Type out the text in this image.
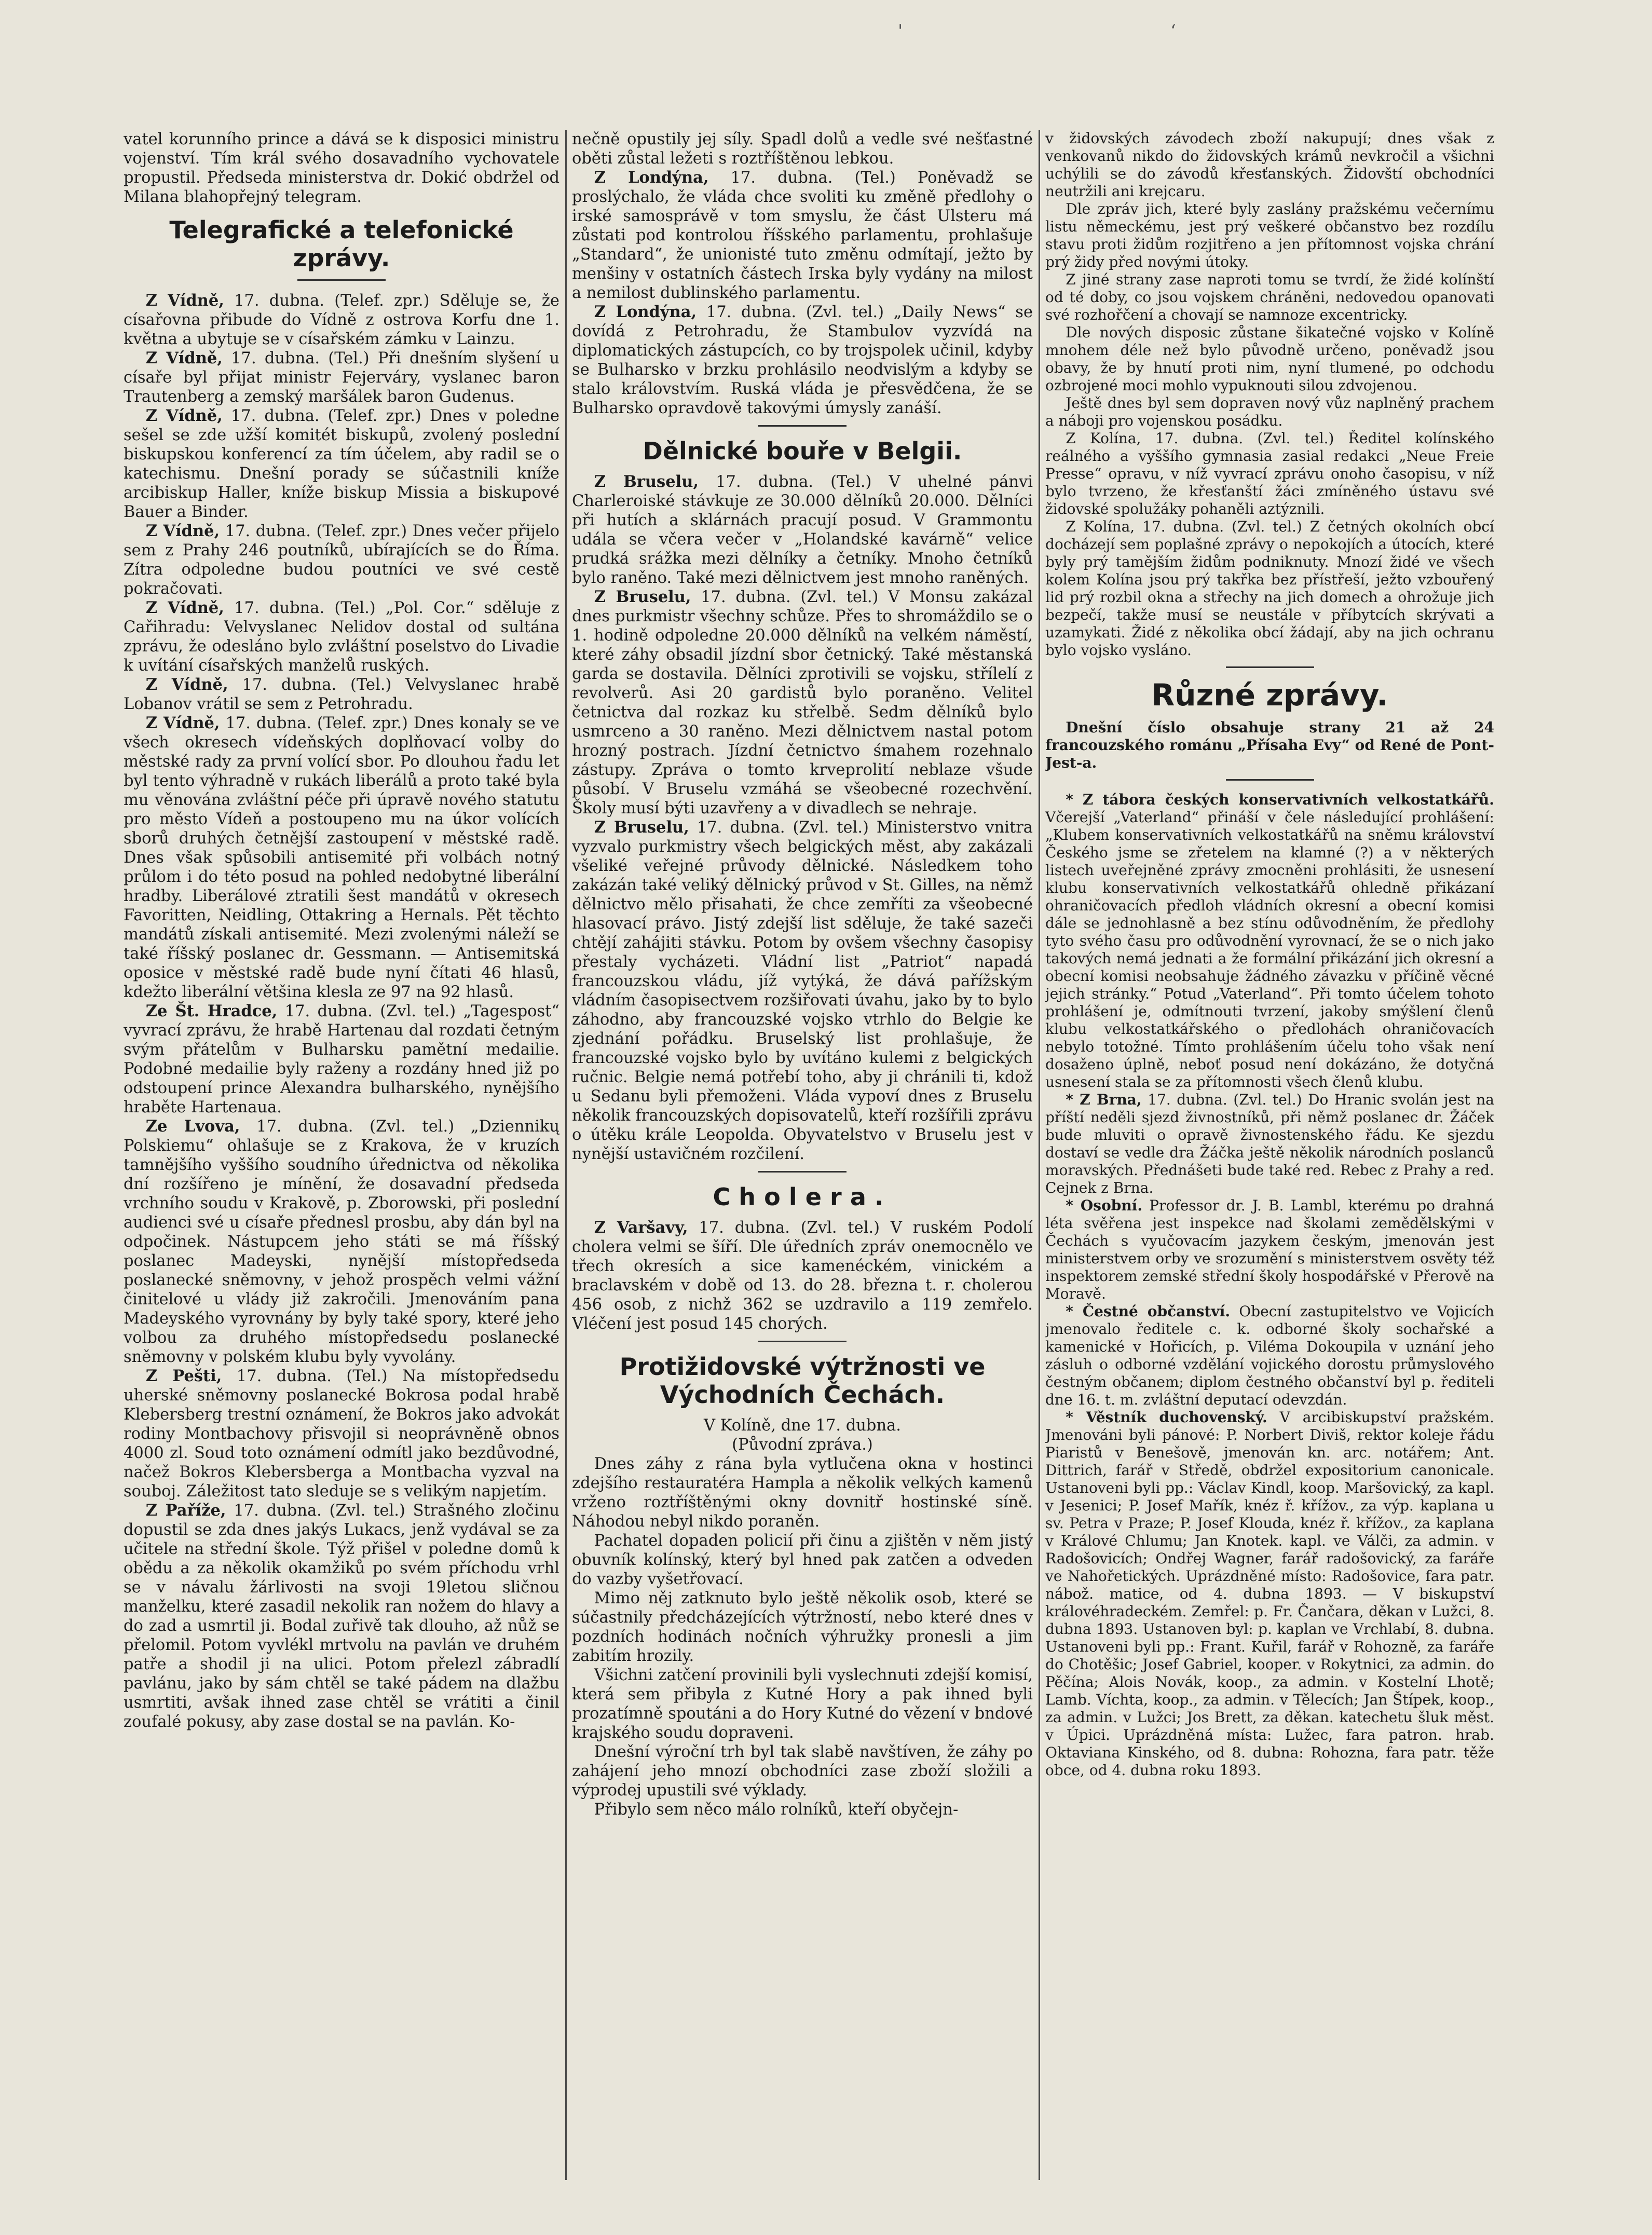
'	ʻ

vatel korunního prince a dává se k disposici ministru vojenství. Tím král svého dosavadního vychovatele propustil. Předseda ministerstva dr. Dokić obdržel od Milana blahopřejný telegram.

Telegrafické a telefonické zprávy.

Z Vídně, 17. dubna. (Telef. zpr.) Sděluje se, že císařovna přibude do Vídně z ostrova Korfu dne 1. května a ubytuje se v císařském zámku v Lainzu.

Z Vídně, 17. dubna. (Tel.) Při dnešním slyšení u císaře byl přijat ministr Fejerváry, vyslanec baron Trautenberg a zemský maršálek baron Gudenus.

Z Vídně, 17. dubna. (Telef. zpr.) Dnes v poledne sešel se zde užší komitét biskupů, zvolený poslední biskupskou konferencí za tím účelem, aby radil se o katechismu. Dnešní porady se súčastnili kníže arcibiskup Haller, kníže biskup Missia a biskupové Bauer a Binder.

Z Vídně, 17. dubna. (Telef. zpr.) Dnes večer přijelo sem z Prahy 246 poutníků, ubírajících se do Říma. Zítra odpoledne budou poutníci ve své cestě pokračovati.

Z Vídně, 17. dubna. (Tel.) „Pol. Cor.“ sděluje z Cařihradu: Velvyslanec Nelidov dostal od sultána zprávu, že odesláno bylo zvláštní poselstvo do Livadie k uvítání císařských manželů ruských.

Z Vídně, 17. dubna. (Tel.) Velvyslanec hrabě Lobanov vrátil se sem z Petrohradu.

Z Vídně, 17. dubna. (Telef. zpr.) Dnes konaly se ve všech okresech vídeňských doplňovací volby do městské rady za první volící sbor. Po dlouhou řadu let byl tento výhradně v rukách liberálů a proto také byla mu věnována zvláštní péče při úpravě nového statutu pro město Vídeň a postoupeno mu na úkor volících sborů druhých četnější zastoupení v městské radě. Dnes však spůsobili antisemité při volbách notný průlom i do této posud na pohled nedobytné liberální hradby. Liberálové ztratili šest mandátů v okresech Favoritten, Neidling, Ottakring a Hernals. Pět těchto mandátů získali antisemité. Mezi zvolenými náleží se také říšský poslanec dr. Gessmann. — Antisemitská oposice v městské radě bude nyní čítati 46 hlasů, kdežto liberální většina klesla ze 97 na 92 hlasů.

Ze Št. Hradce, 17. dubna. (Zvl. tel.) „Tagespost“ vyvrací zprávu, že hrabě Hartenau dal rozdati četným svým přátelům v Bulharsku pamětní medailie. Podobné medailie byly raženy a rozdány hned již po odstoupení prince Alexandra bulharského, nynějšího hraběte Hartenaua.

Ze Lvova, 17. dubna. (Zvl. tel.) „Dziennikų Polskiemu“ ohlašuje se z Krakova, že v kruzích tamnějšího vyššího soudního úřednictva od několika dní rozšířeno je mínění, že dosavadní předseda vrchního soudu v Krakově, p. Zborowski, při poslední audienci své u císaře přednesl prosbu, aby dán byl na odpočinek. Nástupcem jeho státi se má říšský poslanec Madeyski, nynější místopředseda poslanecké sněmovny, v jehož prospěch velmi vážní činitelové u vlády již zakročili. Jmenováním pana Madeyského vyrovnány by byly také spory, které jeho volbou za druhého místopředsedu poslanecké sněmovny v polském klubu byly vyvolány.

Z Pešti, 17. dubna. (Tel.) Na místopředsedu uherské sněmovny poslanecké Bokrosa podal hrabě Klebersberg trestní oznámení, že Bokros jako advokát rodiny Montbachovy přisvojil si neoprávněně obnos 4000 zl. Soud toto oznámení odmítl jako bezdůvodné, načež Bokros Klebersberga a Montbacha vyzval na souboj. Záležitost tato sleduje se s velikým napjetím.

Z Paříže, 17. dubna. (Zvl. tel.) Strašného zločinu dopustil se zda dnes jakýs Lukacs, jenž vydával se za učitele na střední škole. Týž přišel v poledne domů k obědu a za několik okamžiků po svém příchodu vrhl se v návalu žárlivosti na svoji 19letou sličnou manželku, které zasadil nekolik ran nožem do hlavy a do zad a usmrtil ji. Bodal zuřivě tak dlouho, až nůž se přelomil. Potom vyvlékl mrtvolu na pavlán ve druhém patře a shodil ji na ulici. Potom přelezl zábradlí pavlánu, jako by sám chtěl se také pádem na dlažbu usmrtiti, avšak ihned zase chtěl se vrátiti a činil zoufalé pokusy, aby zase dostal se na pavlán. Ko-

nečně opustily jej síly. Spadl dolů a vedle své nešťastné oběti zůstal ležeti s roztříštěnou lebkou.

Z Londýna, 17. dubna. (Tel.) Poněvadž se proslýchalo, že vláda chce svoliti ku změně předlohy o irské samosprávě v tom smyslu, že část Ulsteru má zůstati pod kontrolou říšského parlamentu, prohlašuje „Standard“, že unionisté tuto změnu odmítají, ježto by menšiny v ostatních částech Irska byly vydány na milost a nemilost dublinského parlamentu.

Z Londýna, 17. dubna. (Zvl. tel.) „Daily News“ se dovídá z Petrohradu, že Stambulov vyzvídá na diplomatických zástupcích, co by trojspolek učinil, kdyby se Bulharsko v brzku prohlásilo neodvislým a kdyby se stalo královstvím. Ruská vláda je přesvědčena, že se Bulharsko opravdově takovými úmysly zanáší.

Dělnické bouře v Belgii.

Z Bruselu, 17. dubna. (Tel.) V uhelné pánvi Charleroiské stávkuje ze 30.000 dělníků 20.000. Dělníci při hutích a sklárnách pracují posud. V Grammontu udála se včera večer v „Holandské kavárně“ velice prudká srážka mezi dělníky a četníky. Mnoho četníků bylo raněno. Také mezi dělnictvem jest mnoho raněných.

Z Bruselu, 17. dubna. (Zvl. tel.) V Monsu zakázal dnes purkmistr všechny schůze. Přes to shromáždilo se o 1. hodině odpoledne 20.000 dělníků na velkém náměstí, které záhy obsadil jízdní sbor četnický. Také městanská garda se dostavila. Dělníci zprotivili se vojsku, střílelí z revolverů. Asi 20 gardistů bylo poraněno. Velitel četnictva dal rozkaz ku střelbě. Sedm dělníků bylo usmrceno a 30 raněno. Mezi dělnictvem nastal potom hrozný postrach. Jízdní četnictvo śmahem rozehnalo zástupy. Zpráva o tomto krveprolití neblaze všude působí. V Bruselu vzmáhá se všeobecné rozechvění. Školy musí býti uzavřeny a v divadlech se nehraje.

Z Bruselu, 17. dubna. (Zvl. tel.) Ministerstvo vnitra vyzvalo purkmistry všech belgických měst, aby zakázali všeliké veřejné průvody dělnické. Následkem toho zakázán také veliký dělnický průvod v St. Gilles, na němž dělnictvo mělo přisahati, že chce zemříti za všeobecné hlasovací právo. Jistý zdejší list sděluje, že také sazeči chtějí zahájiti stávku. Potom by ovšem všechny časopisy přestaly vycházeti. Vládní list „Patriot“ napadá francouzskou vládu, jíž vytýká, že dává pařížským vládním časopisectvem rozšiřovati úvahu, jako by to bylo záhodno, aby francouzské vojsko vtrhlo do Belgie ke zjednání pořádku. Bruselský list prohlašuje, že francouzské vojsko bylo by uvítáno kulemi z belgických ručnic. Belgie nemá potřebí toho, aby ji chránili ti, kdož u Sedanu byli přemoženi. Vláda vypoví dnes z Bruselu několik francouzských dopisovatelů, kteří rozšířili zprávu o útěku krále Leopolda. Obyvatelstvo v Bruselu jest v nynější ustavičném rozčilení.

Cholera.

Z Varšavy, 17. dubna. (Zvl. tel.) V ruském Podolí cholera velmi se šíří. Dle úředních zpráv onemocnělo ve třech okresích a sice kamenéckém, vinickém a braclavském v době od 13. do 28. března t. r. cholerou 456 osob, z nichž 362 se uzdravilo a 119 zemřelo. Vléčení jest posud 145 chorých.

Protižidovské výtržnosti ve Východních Čechách.

V Kolíně, dne 17. dubna.

(Původní zpráva.)

Dnes záhy z rána byla vytlučena okna v hostinci zdejšího restauratéra Hampla a několik velkých kamenů vrženo roztříštěnými okny dovnitř hostinské síně. Náhodou nebyl nikdo poraněn.

Pachatel dopaden policií při činu a zjištěn v něm jistý obuvník kolínský, který byl hned pak zatčen a odveden do vazby vyšetřovací.

Mimo něj zatknuto bylo ještě několik osob, které se súčastnily předcházejících výtržností, nebo které dnes v pozdních hodinách nočních výhružky pronesli a jim zabitím hrozily.

Všichni zatčení provinili byli vyslechnuti zdejší komisí, která sem přibyla z Kutné Hory a pak ihned byli prozatímně spoutáni a do Hory Kutné do vězení v bndové krajského soudu dopraveni.

Dnešní výroční trh byl tak slabě navštíven, že záhy po zahájení jeho mnozí obchodníci zase zboží složili a výprodej upustili své výklady.

Přibylo sem něco málo rolníků, kteří obyčejn-

v židovských závodech zboží nakupují; dnes však z venkovanů nikdo do židovských krámů nevkročil a všichni uchýlili se do závodů křesťanských. Židovští obchodníci neutržili ani krejcaru.

Dle zpráv jich, které byly zaslány pražskému večernímu listu německému, jest prý veškeré občanstvo bez rozdílu stavu proti židům rozjitřeno a jen přítomnost vojska chrání prý židy před novými útoky.

Z jiné strany zase naproti tomu se tvrdí, že židé kolínští od té doby, co jsou vojskem chráněni, nedovedou opanovati své rozhořčení a chovají se namnoze excentricky.

Dle nových disposic zůstane šikatečné vojsko v Kolíně mnohem déle než bylo původně určeno, poněvadž jsou obavy, že by hnutí proti nim, nyní tlumené, po odchodu ozbrojené moci mohlo vypuknouti silou zdvojenou.

Ještě dnes byl sem dopraven nový vůz naplněný prachem a náboji pro vojenskou posádku.

Z Kolína, 17. dubna. (Zvl. tel.) Ředitel kolínského reálného a vyššího gymnasia zasial redakci „Neue Freie Presse“ opravu, v níž vyvrací zprávu onoho časopisu, v níž bylo tvrzeno, že křesťanští žáci zmíněného ústavu své židovské spolužáky pohaněli aztýznili.

Z Kolína, 17. dubna. (Zvl. tel.) Z četných okolních obcí docházejí sem poplašné zprávy o nepokojích a útocích, které byly prý tamějším židům podniknuty. Mnozí židé ve všech kolem Kolína jsou prý takřka bez přístřeší, ježto vzbouřený lid prý rozbil okna a střechy na jich domech a ohrožuje jich bezpečí, takže musí se neustále v příbytcích skrývati a uzamykati. Židé z několika obcí žádají, aby na jich ochranu bylo vojsko vysláno.

Různé zprávy.

Dnešní číslo obsahuje strany 21 až 24 francouzského románu „Přísaha Evy“ od René de Pont-Jest-a.

* Z tábora českých konservativních velkostatkářů. Včerejší „Vaterland“ přináší v čele následující prohlášení: „Klubem konservativních velkostatkářů na sněmu království Českého jsme se zřetelem na klamné (?) a v některých listech uveřejněné zprávy zmocněni prohlásiti, že usnesení klubu konservativních velkostatkářů ohledně přikázaní ohraničovacích předloh vládních okresní a obecní komisi dále se jednohlasně a bez stínu odůvodněním, že předlohy tyto svého času pro odůvodnění vyrovnací, že se o nich jako takových nemá jednati a že formální přikázání jich okresní a obecní komisi neobsahuje žádného závazku v příčině věcné jejich stránky.“ Potud „Vaterland“. Při tomto účelem tohoto prohlášení je, odmítnouti tvrzení, jakoby smýšlení členů klubu velkostatkářského o předlohách ohraničovacích nebylo totožné. Tímto prohlášením účelu toho však není dosaženo úplně, neboť posud není dokázáno, že dotyčná usnesení stala se za přítomnosti všech členů klubu.

* Z Brna, 17. dubna. (Zvl. tel.) Do Hranic svolán jest na příští neděli sjezd živnostníků, při němž poslanec dr. Žáček bude mluviti o opravě živnostenského řádu. Ke sjezdu dostaví se vedle dra Žáčka ještě několik národních poslanců moravských. Přednášeti bude také red. Rebec z Prahy a red. Cejnek z Brna.

* Osobní. Professor dr. J. B. Lambl, kterému po drahná léta svěřena jest inspekce nad školami zemědělskými v Čechách s vyučovacím jazykem českým, jmenován jest ministerstvem orby ve srozumění s ministerstvem osvěty též inspektorem zemské střední školy hospodářské v Přerově na Moravě.

* Čestné občanství. Obecní zastupitelstvo ve Vojicích jmenovalo ředitele c. k. odborné školy sochařské a kamenické v Hořicích, p. Viléma Dokoupila v uznání jeho zásluh o odborné vzdělání vojického dorostu průmyslového čestným občanem; diplom čestného občanství byl p. řediteli dne 16. t. m. zvláštní deputací odevzdán.

* Věstník duchovenský. V arcibiskupství pražském. Jmenováni byli pánové: P. Norbert Diviš, rektor koleje řádu Piaristů v Benešově, jmenován kn. arc. notářem; Ant. Dittrich, farář v Středě, obdržel expositorium canonicale. Ustanoveni byli pp.: Václav Kindl, koop. Maršovický, za kapl. v Jesenici; P. Josef Mařík, knéz ř. křížov., za výp. kaplana u sv. Petra v Praze; P. Josef Klouda, knéz ř. křížov., za kaplana v Králové Chlumu; Jan Knotek. kapl. ve Válči, za admin. v Radošovicích; Ondřej Wagner, farář radošovický, za faráře ve Nahořetických. Uprázdněné místo: Radošovice, fara patr. nábož. matice, od 4. dubna 1893. — V biskupství královéhradeckém. Zemřel: p. Fr. Čančara, děkan v Lužci, 8. dubna 1893. Ustanoven byl: p. kaplan ve Vrchlabí, 8. dubna. Ustanoveni byli pp.: Frant. Kuřil, farář v Rohozně, za faráře do Chotěšic; Josef Gabriel, kooper. v Rokytnici, za admin. do Pěčína; Alois Novák, koop., za admin. v Kostelní Lhotě; Lamb. Víchta, koop., za admin. v Tělecích; Jan Štípek, koop., za admin. v Lužci; Jos Brett, za děkan. katechetu šluk měst. v Úpici. Uprázdněná místa: Lužec, fara patron. hrab. Oktaviana Kinského, od 8. dubna: Rohozna, fara patr. těže obce, od 4. dubna roku 1893.
